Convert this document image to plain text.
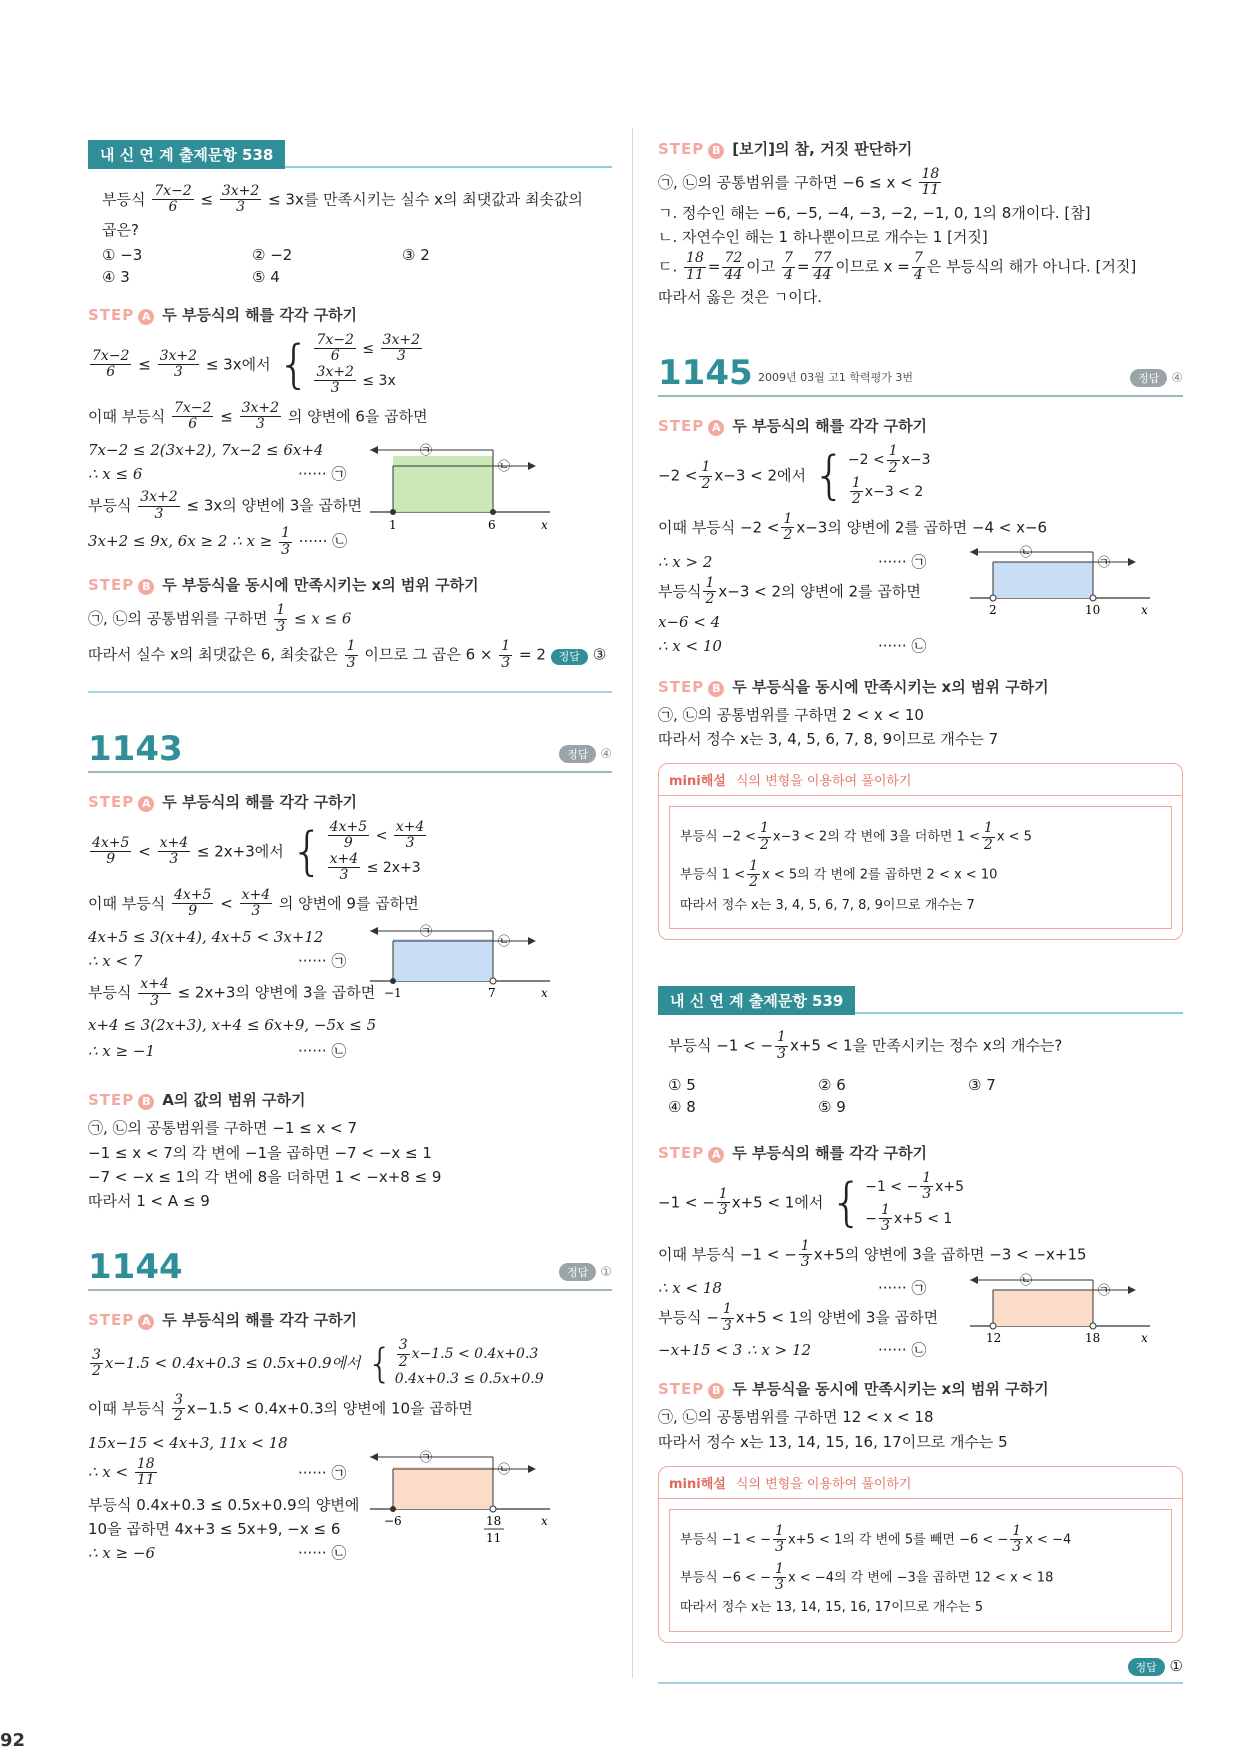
내 신 연 계 출제문항 538
부등식 $\frac{7x-2}{6} \le \frac{3x+2}{3} \le 3x$를 만족시키는 실수 x의 최댓값과 최솟값의
곱은?
① −3	② −2	③ 2
④ 3	⑤ 4
STEP A 두 부등식의 해를 각각 구하기
$\frac{7x-2}{6} \le \frac{3x+2}{3} \le 3x$에서 { $\frac{7x-2}{6} \le \frac{3x+2}{3}$
$\frac{3x+2}{3} \le 3x$
이때 부등식 $\frac{7x-2}{6} \le \frac{3x+2}{3}$ 의 양변에 6을 곱하면
7x−2 ≤ 2(3x+2), 7x−2 ≤ 6x+4
∴ x ≤ 6	······ ㉠
부등식 $\frac{3x+2}{3} \le 3x$의 양변에 3을 곱하면
3x+2 ≤ 9x, 6x ≥ 2 ∴ $x \ge \frac{1}{3}$ ······ ㉡
㉠
㉡
1	6	x
STEP B 두 부등식을 동시에 만족시키는 x의 범위 구하기
㉠, ㉡의 공통범위를 구하면 $\frac{1}{3} \le x \le 6$
따라서 실수 x의 최댓값은 6, 최솟값은 $\frac{1}{3}$ 이므로 그 곱은 $6 \times \frac{1}{3} = 2$ 정답 ③
1143	정답 ④
STEP A 두 부등식의 해를 각각 구하기
$\frac{4x+5}{9} < \frac{x+4}{3} \le 2x+3$에서 { $\frac{4x+5}{9} < \frac{x+4}{3}$
$\frac{x+4}{3} \le 2x+3$
이때 부등식 $\frac{4x+5}{9} < \frac{x+4}{3}$ 의 양변에 9를 곱하면
4x+5 ≤ 3(x+4), 4x+5 < 3x+12
∴ x < 7	······ ㉠
부등식 $\frac{x+4}{3} \le 2x+3$의 양변에 3을 곱하면
x+4 ≤ 3(2x+3), x+4 ≤ 6x+9, −5x ≤ 5
∴ x ≥ −1	······ ㉡
㉠
㉡
−1	7	x
STEP B A의 값의 범위 구하기
㉠, ㉡의 공통범위를 구하면 −1 ≤ x < 7
−1 ≤ x < 7의 각 변에 −1을 곱하면 −7 < −x ≤ 1
−7 < −x ≤ 1의 각 변에 8을 더하면 1 < −x+8 ≤ 9
따라서 1 < A ≤ 9
1144	정답 ①
STEP A 두 부등식의 해를 각각 구하기
$\frac{3}{2} x-1.5 < 0.4x+0.3 \le 0.5x+0.9$에서 { $\frac{3}{2} x-1.5 < 0.4x+0.3$
0.4x+0.3 ≤ 0.5x+0.9
이때 부등식 $\frac{3}{2} x-1.5 < 0.4x+0.3$의 양변에 10을 곱하면
15x−15 < 4x+3, 11x < 18
∴ $x < \frac{18}{11}$	······ ㉠
부등식 0.4x+0.3 ≤ 0.5x+0.9의 양변에
10을 곱하면 4x+3 ≤ 5x+9, −x ≤ 6
∴ x ≥ −6	······ ㉡
㉠
㉡
−6	18
11
x
STEP B [보기]의 참, 거짓 판단하기
㉠, ㉡의 공통범위를 구하면 $-6 \le x < \frac{18}{11}$
ㄱ. 정수인 해는 −6, −5, −4, −3, −2, −1, 0, 1의 8개이다. [참]
ㄴ. 자연수인 해는 1 하나뿐이므로 개수는 1 [거짓]
ㄷ. $\frac{18}{11} = \frac{72}{44}$ 이고 $\frac{7}{4} = \frac{77}{44}$ 이므로 $x = \frac{7}{4}$ 은 부등식의 해가 아니다. [거짓]
따라서 옳은 것은 ㄱ이다.
1145 2009년 03월 고1 학력평가 3번	정답 ④
STEP A 두 부등식의 해를 각각 구하기
$-2 < \frac{1}{2} x-3 < 2$에서 { $-2 < \frac{1}{2} x-3$
$\frac{1}{2} x-3 < 2$
이때 부등식 $-2 < \frac{1}{2} x-3$의 양변에 2를 곱하면 −4 < x−6
∴ x > 2	······ ㉠
부등식 $\frac{1}{2} x-3 < 2$의 양변에 2를 곱하면
x−6 < 4
∴ x < 10	······ ㉡
㉡
㉠
2	10	x
STEP B 두 부등식을 동시에 만족시키는 x의 범위 구하기
㉠, ㉡의 공통범위를 구하면 2 < x < 10
따라서 정수 x는 3, 4, 5, 6, 7, 8, 9이므로 개수는 7
mini해설 식의 변형을 이용하여 풀이하기
부등식 $-2 < \frac{1}{2} x-3 < 2$의 각 변에 3을 더하면 $1 < \frac{1}{2}$ x < 5
부등식 $1 < \frac{1}{2}$ x < 5의 각 변에 2를 곱하면 2 < x < 10
따라서 정수 x는 3, 4, 5, 6, 7, 8, 9이므로 개수는 7
내 신 연 계 출제문항 539
부등식 −1 < − $\frac{1}{3} x+5 < 1$을 만족시키는 정수 x의 개수는?
① 5	② 6	③ 7
④ 8	⑤ 9
STEP A 두 부등식의 해를 각각 구하기
−1 < − $\frac{1}{3} x+5 < 1$에서 { −1 < − $\frac{1}{3} x+5$
− $\frac{1}{3} x+5 < 1$
이때 부등식 −1 < − $\frac{1}{3} x+5$의 양변에 3을 곱하면 −3 < −x+15
∴ x < 18	······ ㉠
부등식 − $\frac{1}{3} x+5 < 1$의 양변에 3을 곱하면
−x+15 < 3 ∴ x > 12	······ ㉡
㉡
㉠
12	18	x
STEP B 두 부등식을 동시에 만족시키는 x의 범위 구하기
㉠, ㉡의 공통범위를 구하면 12 < x < 18
따라서 정수 x는 13, 14, 15, 16, 17이므로 개수는 5
mini해설 식의 변형을 이용하여 풀이하기
부등식 −1 < − $\frac{1}{3} x+5 < 1$의 각 변에 5를 빼면 −6 < − $\frac{1}{3}$ x < −4
부등식 −6 < − $\frac{1}{3}$ x < −4의 각 변에 −3을 곱하면 12 < x < 18
따라서 정수 x는 13, 14, 15, 16, 17이므로 개수는 5
정답 ①
92
